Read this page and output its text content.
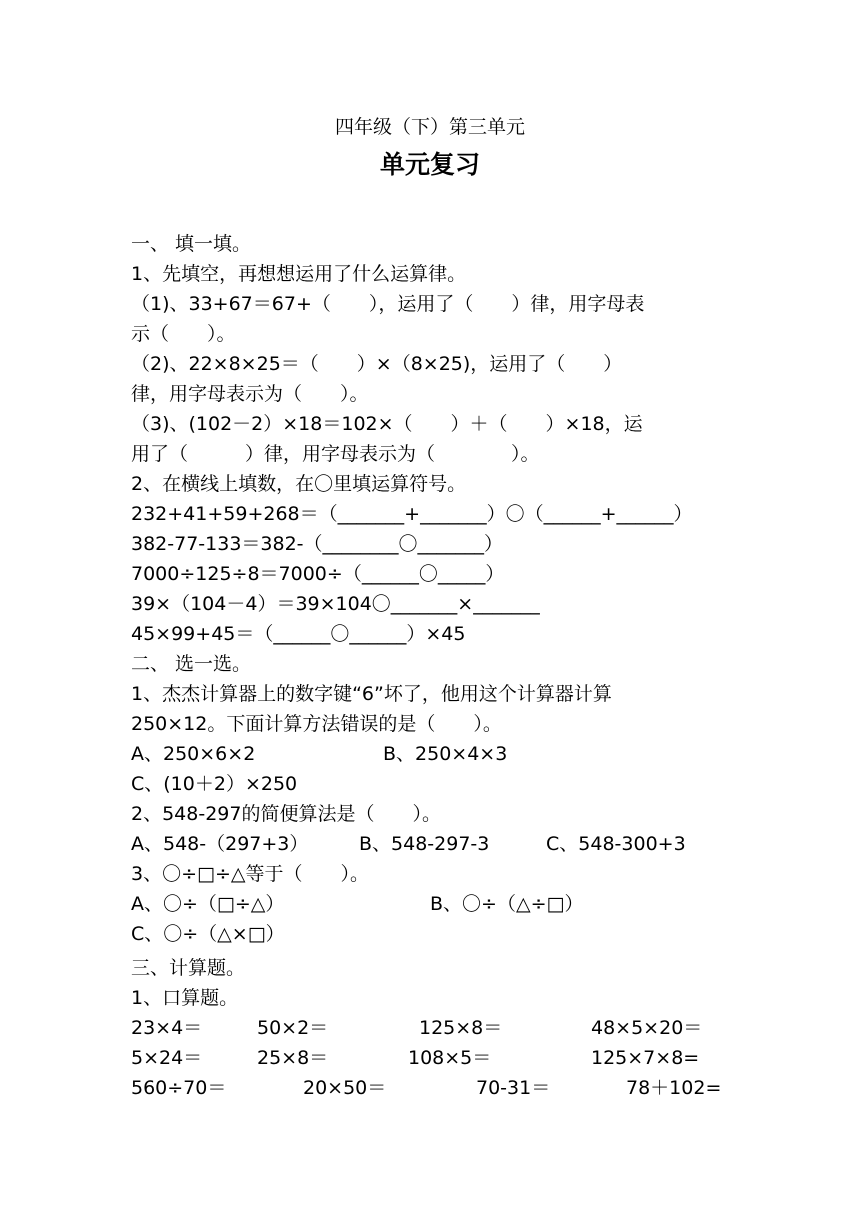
四年级（下）第三单元
单元复习
一、 填一填。
1、先填空，再想想运用了什么运算律。
（1)、33+67＝67+（　　），运用了（　　）律，用字母表
示（　　）。
（2)、22×8×25＝（　　）×（8×25)，运用了（　　）
律，用字母表示为（　　）。
（3)、(102－2）×18＝102×（　　）＋（　　）×18，运
用了（　　　）律，用字母表示为（　　　　）。
2、在横线上填数，在〇里填运算符号。
232+41+59+268＝（_______+_______）〇（______+______）
382-77-133＝382-（________〇_______）
7000÷125÷8＝7000÷（______〇_____）
39×（104－4）＝39×104〇_______×_______
45×99+45＝（______〇______）×45
二、 选一选。
1、杰杰计算器上的数字键“6”坏了，他用这个计算器计算
250×12。下面计算方法错误的是（　　）。
A、250×6×2	B、250×4×3
C、(10＋2）×250
2、548-297的简便算法是（　　）。
A、548-（297+3）	B、548-297-3	C、548-300+3
3、〇÷□÷△等于（　　）。
A、〇÷（□÷△）	B、〇÷（△÷□）
C、〇÷（△×□）
三、计算题。
1、口算题。
23×4＝	50×2＝	125×8＝	48×5×20＝
5×24＝	25×8＝	108×5＝	125×7×8=
560÷70＝	20×50＝	70-31＝	78＋102=
